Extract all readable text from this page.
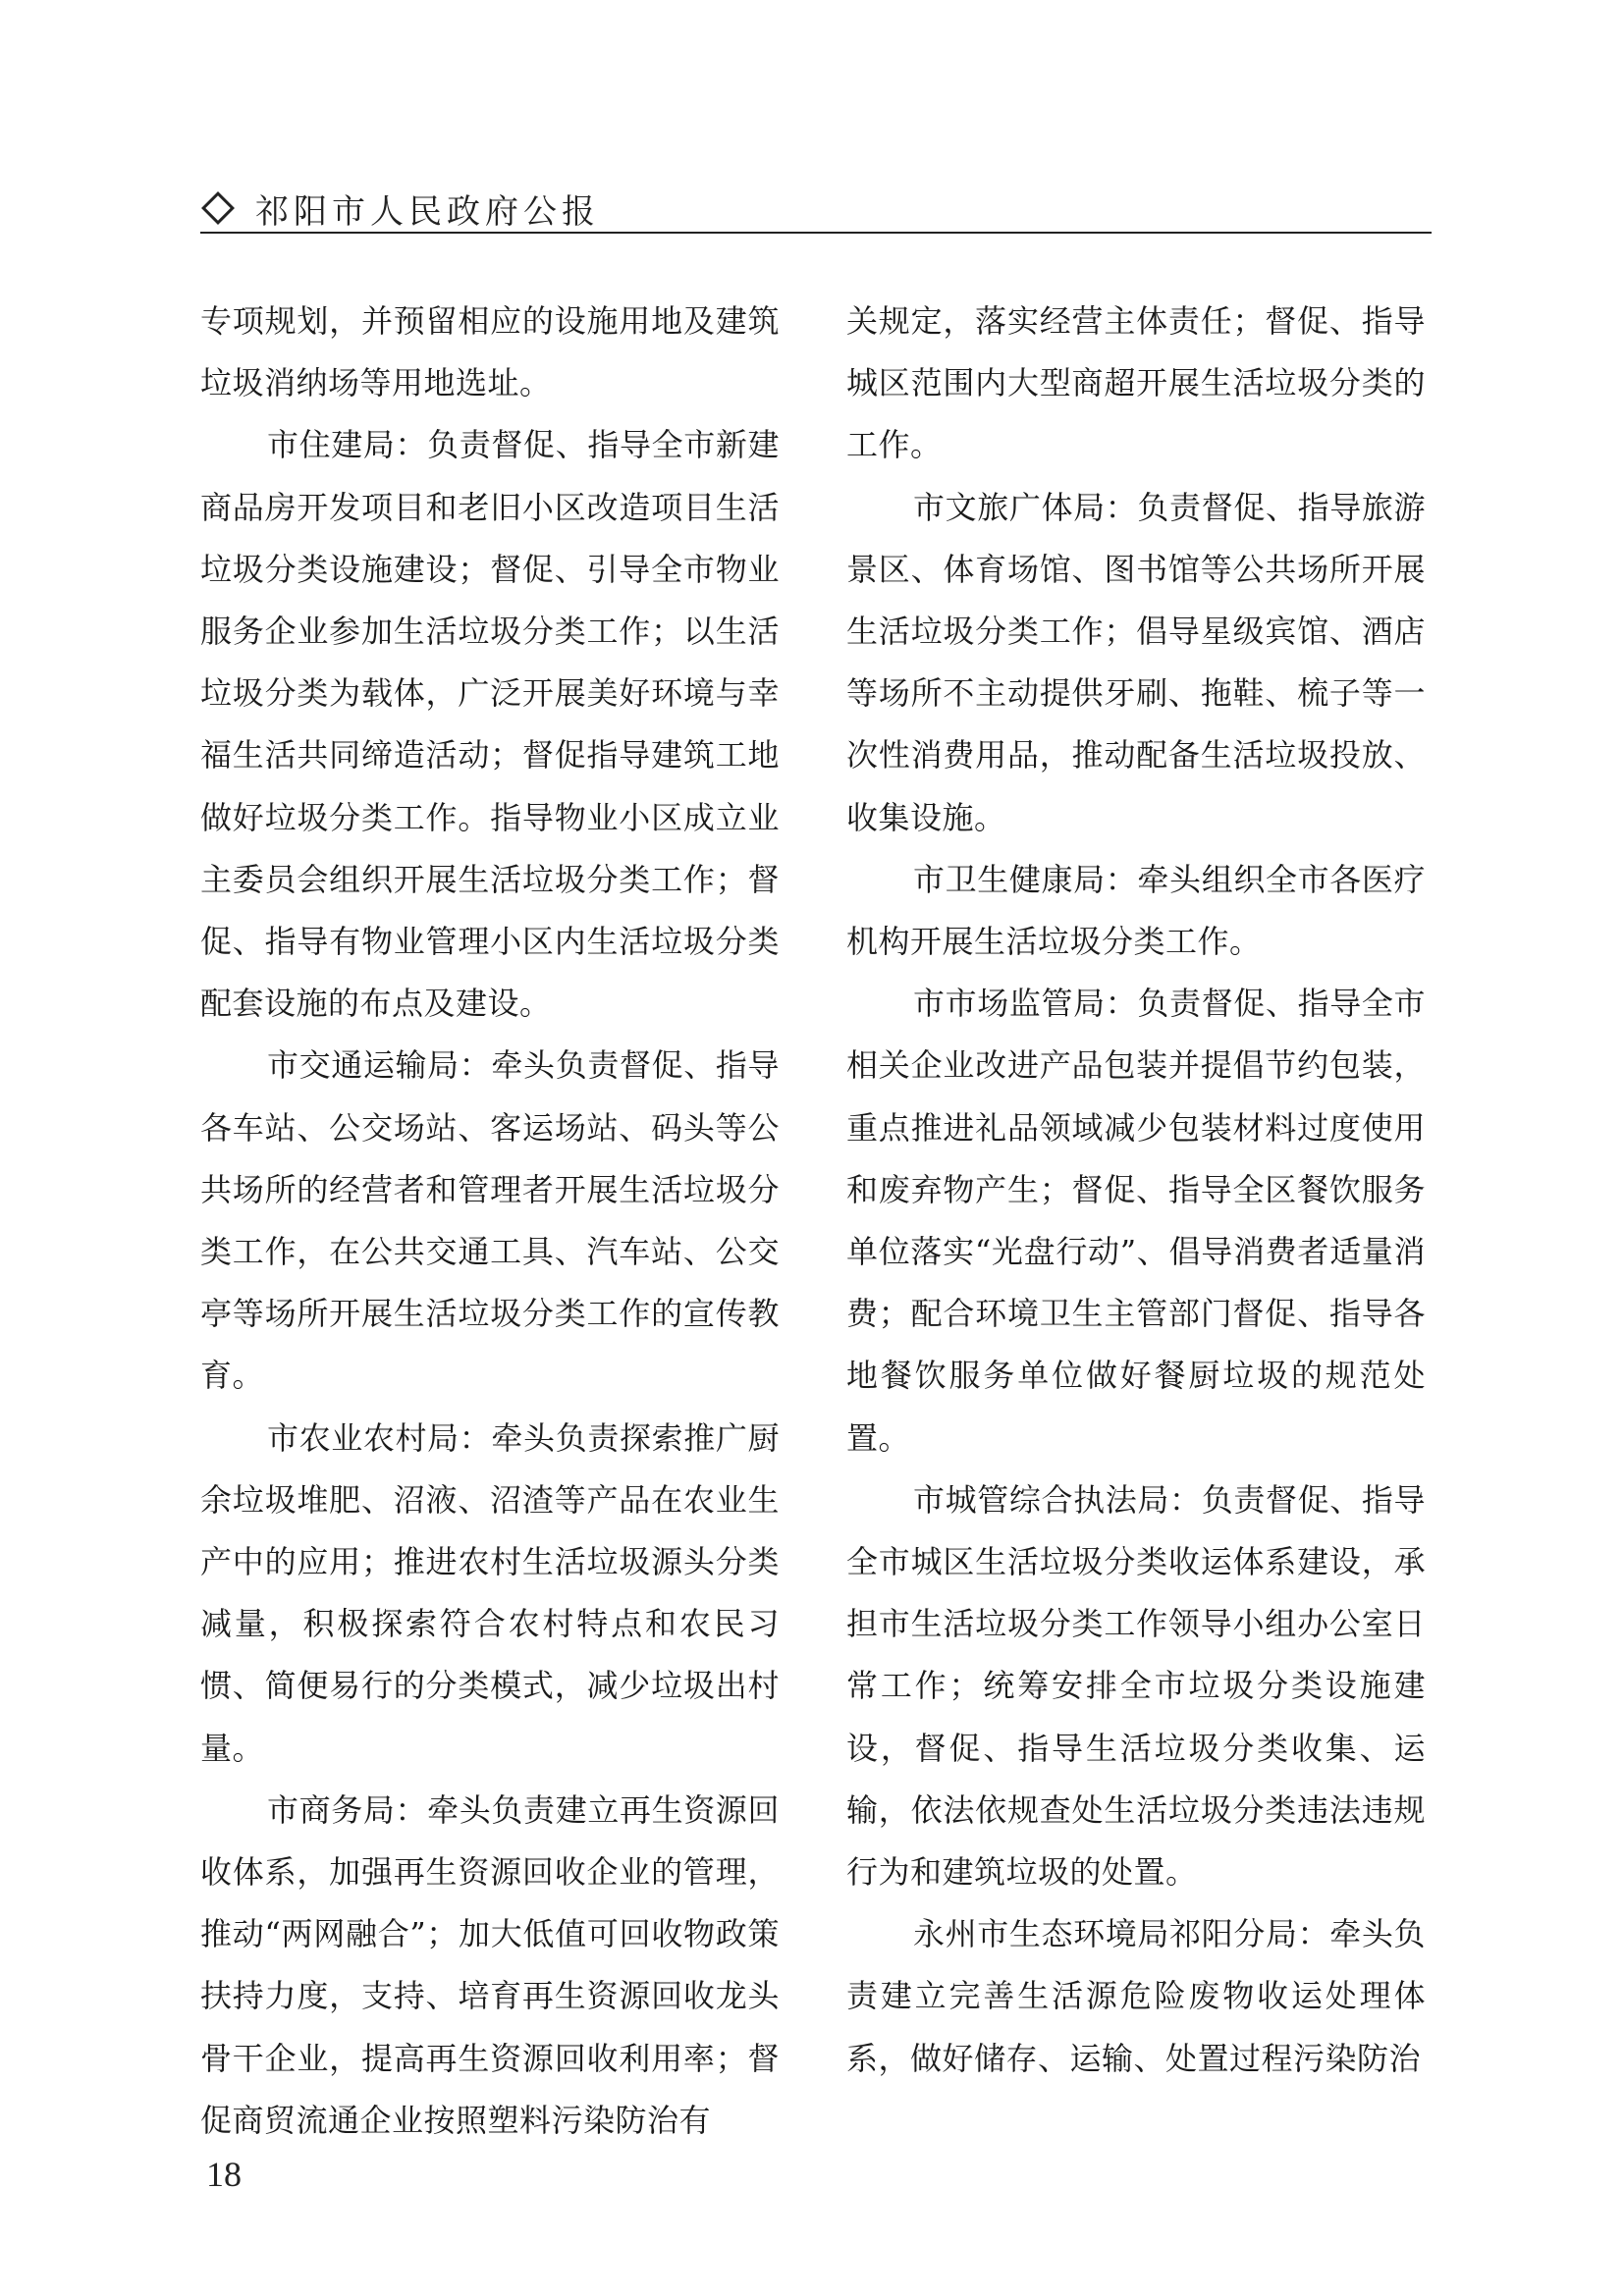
祁阳市人民政府公报

专项规划，并预留相应的设施用地及建筑垃圾消纳场等用地选址。

市住建局：负责督促、指导全市新建商品房开发项目和老旧小区改造项目生活垃圾分类设施建设；督促、引导全市物业服务企业参加生活垃圾分类工作；以生活垃圾分类为载体，广泛开展美好环境与幸福生活共同缔造活动；督促指导建筑工地做好垃圾分类工作。指导物业小区成立业主委员会组织开展生活垃圾分类工作；督促、指导有物业管理小区内生活垃圾分类配套设施的布点及建设。

市交通运输局：牵头负责督促、指导各车站、公交场站、客运场站、码头等公共场所的经营者和管理者开展生活垃圾分类工作，在公共交通工具、汽车站、公交亭等场所开展生活垃圾分类工作的宣传教育。

市农业农村局：牵头负责探索推广厨余垃圾堆肥、沼液、沼渣等产品在农业生产中的应用；推进农村生活垃圾源头分类减量，积极探索符合农村特点和农民习惯、简便易行的分类模式，减少垃圾出村量。

市商务局：牵头负责建立再生资源回收体系，加强再生资源回收企业的管理，推动“两网融合”；加大低值可回收物政策扶持力度，支持、培育再生资源回收龙头骨干企业，提高再生资源回收利用率；督促商贸流通企业按照塑料污染防治有

关规定，落实经营主体责任；督促、指导城区范围内大型商超开展生活垃圾分类的工作。

市文旅广体局：负责督促、指导旅游景区、体育场馆、图书馆等公共场所开展生活垃圾分类工作；倡导星级宾馆、酒店等场所不主动提供牙刷、拖鞋、梳子等一次性消费用品，推动配备生活垃圾投放、收集设施。

市卫生健康局：牵头组织全市各医疗机构开展生活垃圾分类工作。

市市场监管局：负责督促、指导全市相关企业改进产品包装并提倡节约包装，重点推进礼品领域减少包装材料过度使用和废弃物产生；督促、指导全区餐饮服务单位落实“光盘行动”、倡导消费者适量消费；配合环境卫生主管部门督促、指导各地餐饮服务单位做好餐厨垃圾的规范处置。

市城管综合执法局：负责督促、指导全市城区生活垃圾分类收运体系建设，承担市生活垃圾分类工作领导小组办公室日常工作；统筹安排全市垃圾分类设施建设，督促、指导生活垃圾分类收集、运输，依法依规查处生活垃圾分类违法违规行为和建筑垃圾的处置。

永州市生态环境局祁阳分局：牵头负责建立完善生活源危险废物收运处理体系，做好储存、运输、处置过程污染防治

18
